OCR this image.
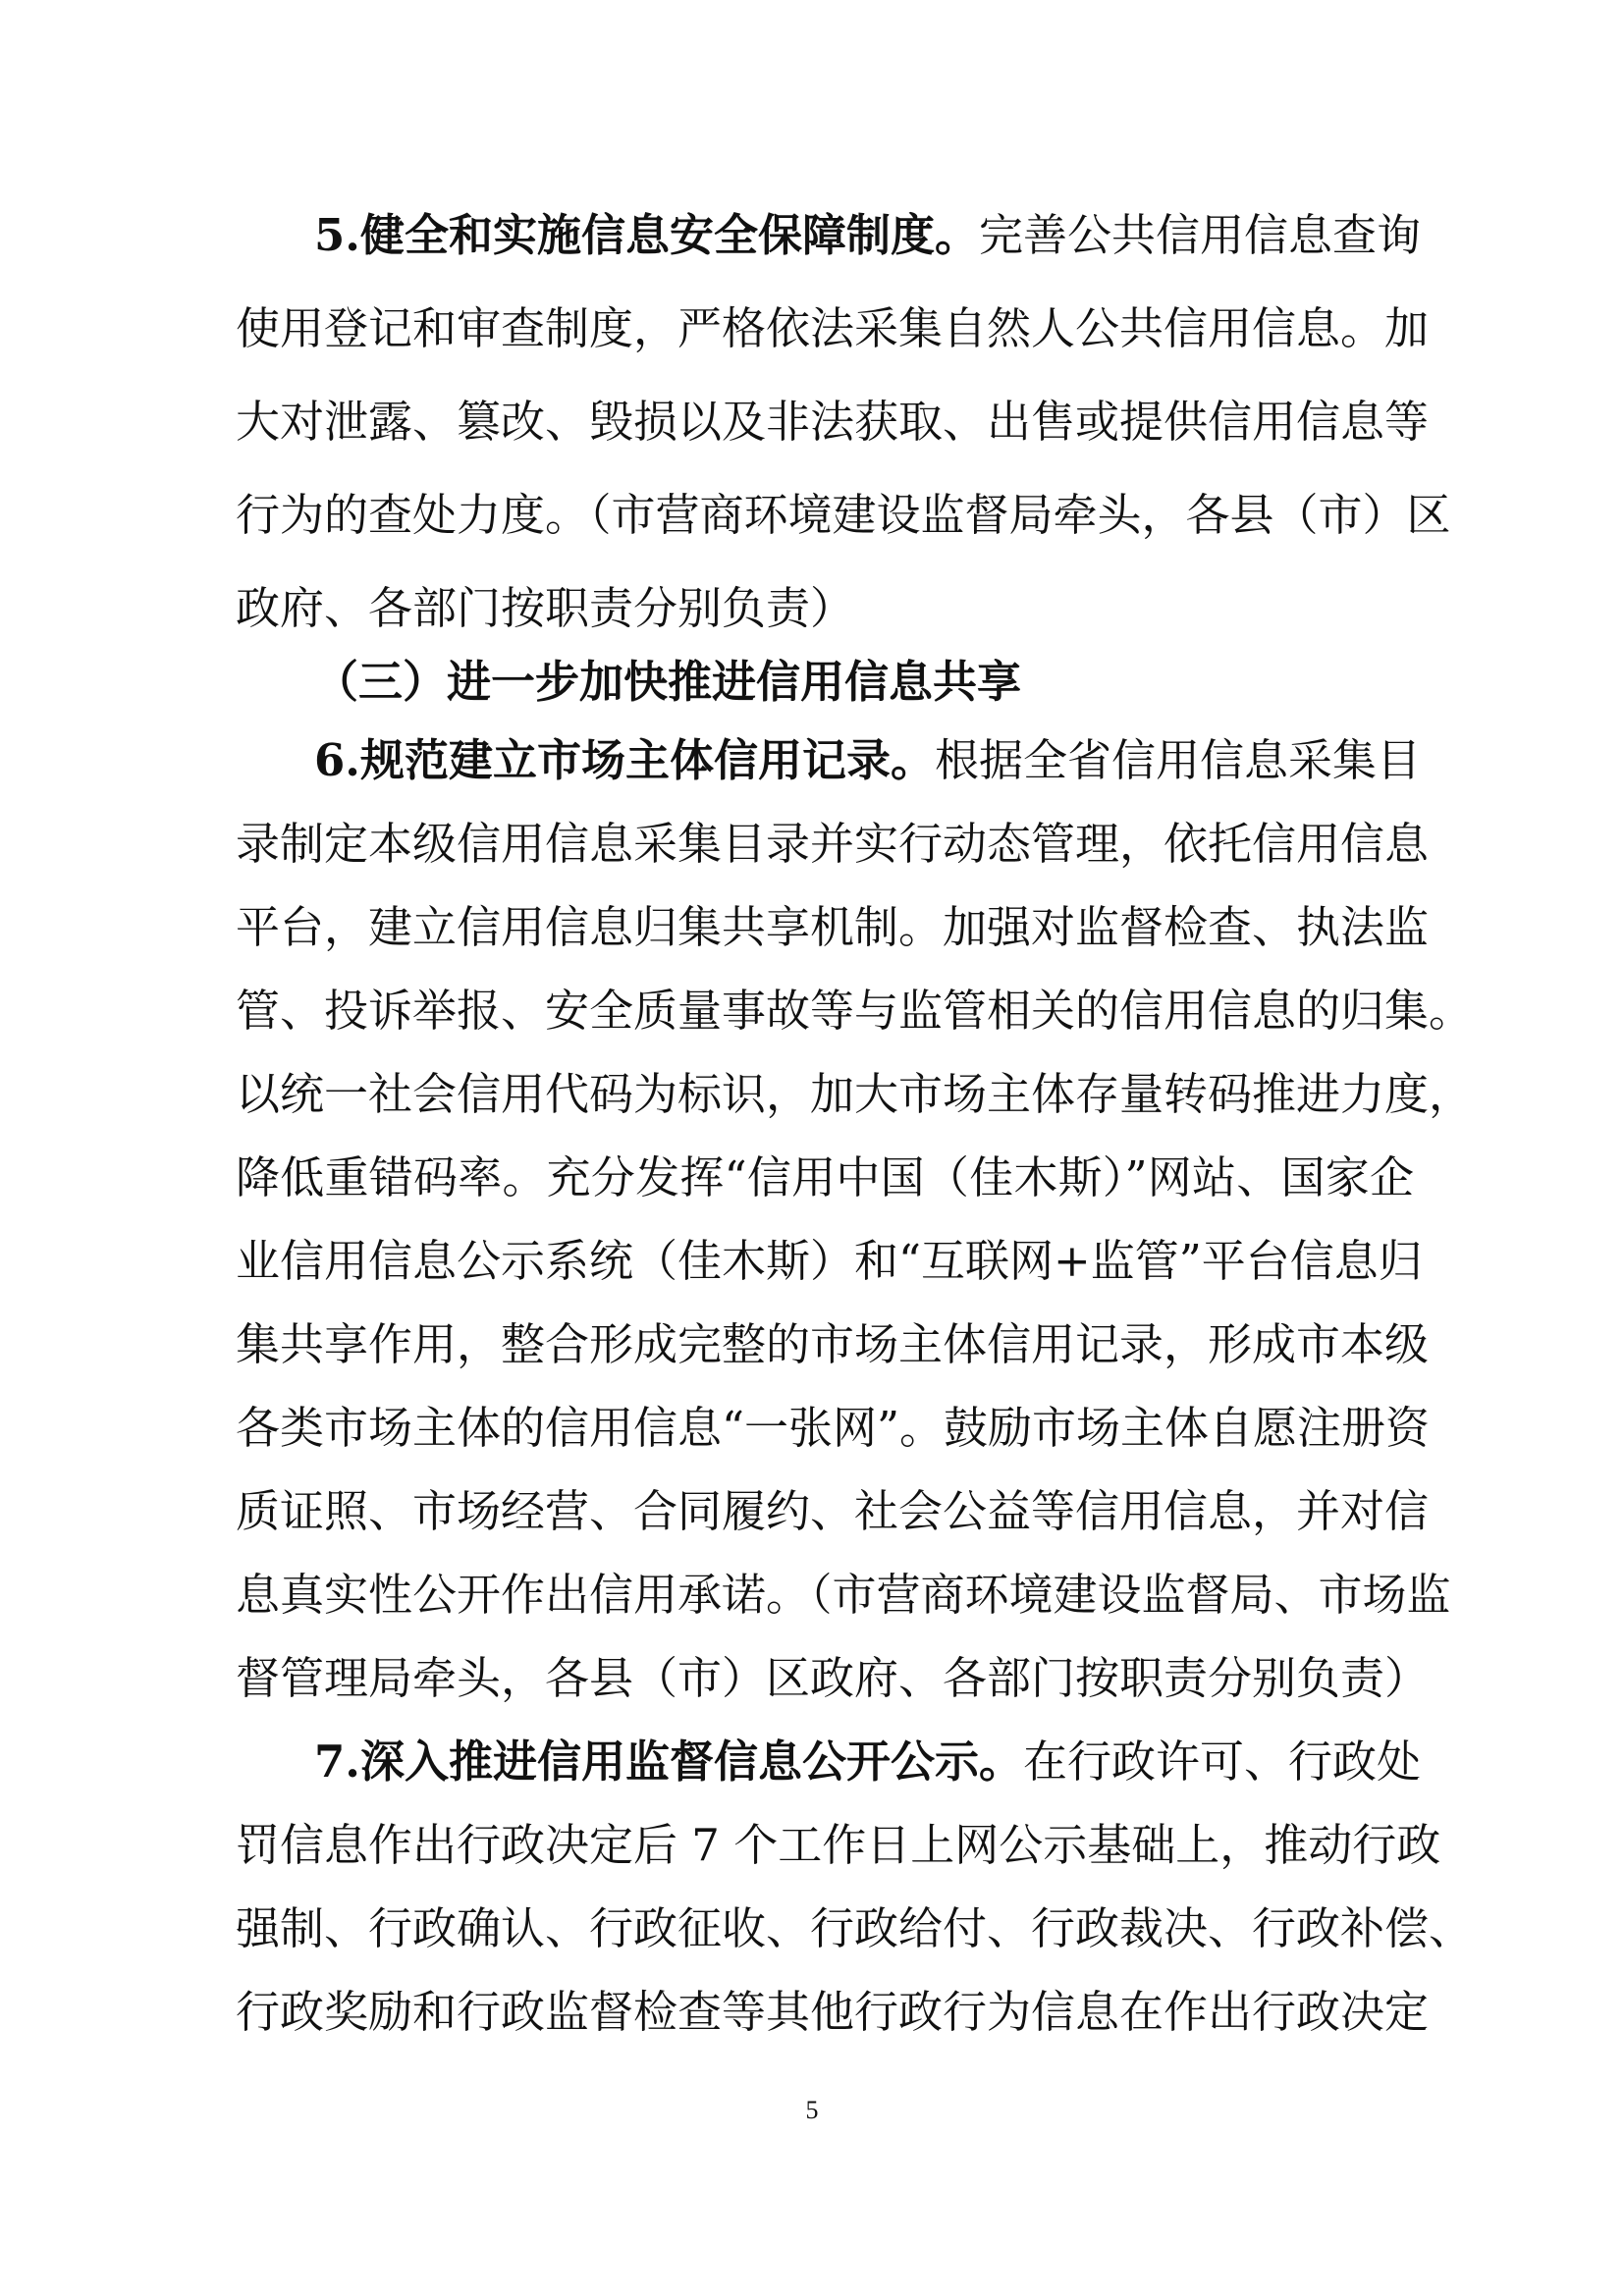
5.健全和实施信息安全保障制度。完善公共信用信息查询
使用登记和审查制度，严格依法采集自然人公共信用信息。加
大对泄露、篡改、毁损以及非法获取、出售或提供信用信息等
行为的查处力度。（市营商环境建设监督局牵头，各县（市）区
政府、各部门按职责分别负责）
（三）进一步加快推进信用信息共享
6.规范建立市场主体信用记录。根据全省信用信息采集目
录制定本级信用信息采集目录并实行动态管理，依托信用信息
平台，建立信用信息归集共享机制。加强对监督检查、执法监
管、投诉举报、安全质量事故等与监管相关的信用信息的归集。
以统一社会信用代码为标识，加大市场主体存量转码推进力度，
降低重错码率。充分发挥“信用中国（佳木斯）”网站、国家企
业信用信息公示系统（佳木斯）和“互联网+监管”平台信息归
集共享作用，整合形成完整的市场主体信用记录，形成市本级
各类市场主体的信用信息“一张网”。鼓励市场主体自愿注册资
质证照、市场经营、合同履约、社会公益等信用信息，并对信
息真实性公开作出信用承诺。（市营商环境建设监督局、市场监
督管理局牵头，各县（市）区政府、各部门按职责分别负责）
7.深入推进信用监督信息公开公示。在行政许可、行政处
罚信息作出行政决定后 7 个工作日上网公示基础上，推动行政
强制、行政确认、行政征收、行政给付、行政裁决、行政补偿、
行政奖励和行政监督检查等其他行政行为信息在作出行政决定
5
